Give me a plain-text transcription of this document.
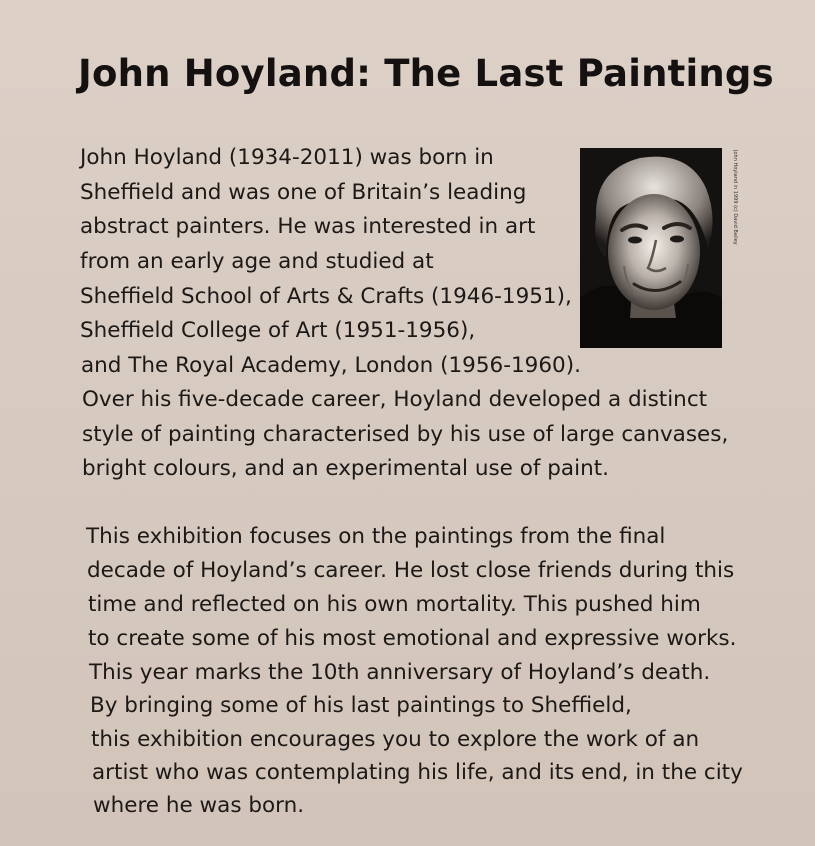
John Hoyland: The Last Paintings
John Hoyland (1934-2011) was born in
Sheffield and was one of Britain’s leading
abstract painters. He was interested in art
from an early age and studied at
Sheffield School of Arts & Crafts (1946-1951),
Sheffield College of Art (1951-1956),
and The Royal Academy, London (1956-1960).
Over his five-decade career, Hoyland developed a distinct
style of painting characterised by his use of large canvases,
bright colours, and an experimental use of paint.
This exhibition focuses on the paintings from the final
decade of Hoyland’s career. He lost close friends during this
time and reflected on his own mortality. This pushed him
to create some of his most emotional and expressive works.
This year marks the 10th anniversary of Hoyland’s death.
By bringing some of his last paintings to Sheffield,
this exhibition encourages you to explore the work of an
artist who was contemplating his life, and its end, in the city
where he was born.
John Hoyland in 1999 (c) David Bailey
